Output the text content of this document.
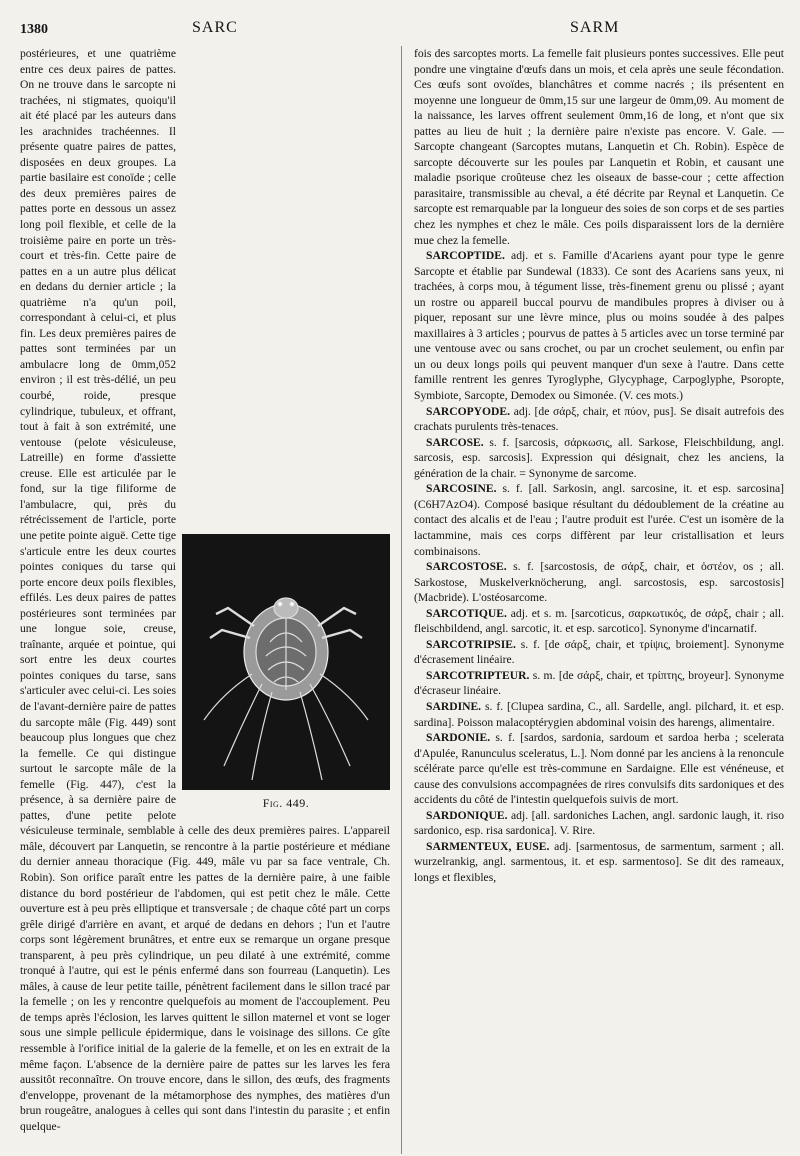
1380	SARC	SARM
Fig. 449.

postérieures, et une quatrième entre ces deux paires de pattes. On ne trouve dans le sarcopte ni trachées, ni stigmates, quoiqu'il ait été placé par les auteurs dans les arachnides trachéennes. Il présente quatre paires de pattes, disposées en deux groupes. La partie basilaire est conoïde ; celle des deux premières paires de pattes porte en dessous un assez long poil flexible, et celle de la troisième paire en porte un très-court et très-fin. Cette paire de pattes en a un autre plus délicat en dedans du dernier article ; la quatrième n'a qu'un poil, correspondant à celui-ci, et plus fin. Les deux premières paires de pattes sont terminées par un ambulacre long de 0mm,052 environ ; il est très-délié, un peu courbé, roide, presque cylindrique, tubuleux, et offrant, tout à fait à son extrémité, une ventouse (pelote vésiculeuse, Latreille) en forme d'assiette creuse. Elle est articulée par le fond, sur la tige filiforme de l'ambulacre, qui, près du rétrécissement de l'article, porte une petite pointe aiguë. Cette tige s'articule entre les deux courtes pointes coniques du tarse qui porte encore deux poils flexibles, effilés. Les deux paires de pattes postérieures sont terminées par une longue soie, creuse, traînante, arquée et pointue, qui sort entre les deux courtes pointes coniques du tarse, sans s'articuler avec celui-ci. Les soies de l'avant-dernière paire de pattes du sarcopte mâle (Fig. 449) sont beaucoup plus longues que chez la femelle. Ce qui distingue surtout le sarcopte mâle de la femelle (Fig. 447), c'est la présence, à sa dernière paire de pattes, d'une petite pelote vésiculeuse terminale, semblable à celle des deux premières paires. L'appareil mâle, découvert par Lanquetin, se rencontre à la partie postérieure et médiane du dernier anneau thoracique (Fig. 449, mâle vu par sa face ventrale, Ch. Robin). Son orifice paraît entre les pattes de la dernière paire, à une faible distance du bord postérieur de l'abdomen, qui est petit chez le mâle. Cette ouverture est à peu près elliptique et transversale ; de chaque côté part un corps grêle dirigé d'arrière en avant, et arqué de dedans en dehors ; l'un et l'autre corps sont légèrement brunâtres, et entre eux se remarque un organe presque transparent, à peu près cylindrique, un peu dilaté à une extrémité, comme tronqué à l'autre, qui est le pénis enfermé dans son fourreau (Lanquetin). Les mâles, à cause de leur petite taille, pénètrent facilement dans le sillon tracé par la femelle ; on les y rencontre quelquefois au moment de l'accouplement. Peu de temps après l'éclosion, les larves quittent le sillon maternel et vont se loger sous une simple pellicule épidermique, dans le voisinage des sillons. Ce gîte ressemble à l'orifice initial de la galerie de la femelle, et on les en extrait de la même façon. L'absence de la dernière paire de pattes sur les larves les fera aussitôt reconnaître. On trouve encore, dans le sillon, des œufs, des fragments d'enveloppe, provenant de la métamorphose des nymphes, des matières d'un brun rougeâtre, analogues à celles qui sont dans l'intestin du parasite ; et enfin quelque-

fois des sarcoptes morts. La femelle fait plusieurs pontes successives. Elle peut pondre une vingtaine d'œufs dans un mois, et cela après une seule fécondation. Ces œufs sont ovoïdes, blanchâtres et comme nacrés ; ils présentent en moyenne une longueur de 0mm,15 sur une largeur de 0mm,09. Au moment de la naissance, les larves offrent seulement 0mm,16 de long, et n'ont que six pattes au lieu de huit ; la dernière paire n'existe pas encore. V. Gale. — Sarcopte changeant (Sarcoptes mutans, Lanquetin et Ch. Robin). Espèce de sarcopte découverte sur les poules par Lanquetin et Robin, et causant une maladie psorique croûteuse chez les oiseaux de basse-cour ; cette affection parasitaire, transmissible au cheval, a été décrite par Reynal et Lanquetin. Ce sarcopte est remarquable par la longueur des soies de son corps et de ses parties chez les nymphes et chez le mâle. Ces poils disparaissent lors de la dernière mue chez la femelle.

SARCOPTIDE. adj. et s. Famille d'Acariens ayant pour type le genre Sarcopte et établie par Sundewal (1833). Ce sont des Acariens sans yeux, ni trachées, à corps mou, à tégument lisse, très-finement grenu ou plissé ; ayant un rostre ou appareil buccal pourvu de mandibules propres à diviser ou à piquer, reposant sur une lèvre mince, plus ou moins soudée à des palpes maxillaires à 3 articles ; pourvus de pattes à 5 articles avec un torse terminé par une ventouse avec ou sans crochet, ou par un crochet seulement, ou enfin par un ou deux longs poils qui peuvent manquer d'un sexe à l'autre. Dans cette famille rentrent les genres Tyroglyphe, Glycyphage, Carpoglyphe, Psoropte, Symbiote, Sarcopte, Demodex ou Simonée. (V. ces mots.)

SARCOPYODE. adj. [de σάρξ, chair, et πύον, pus]. Se disait autrefois des crachats purulents très-tenaces.

SARCOSE. s. f. [sarcosis, σάρκωσις, all. Sarkose, Fleischbildung, angl. sarcosis, esp. sarcosis]. Expression qui désignait, chez les anciens, la génération de la chair. = Synonyme de sarcome.

SARCOSINE. s. f. [all. Sarkosin, angl. sarcosine, it. et esp. sarcosina] (C6H7AzO4). Composé basique résultant du dédoublement de la créatine au contact des alcalis et de l'eau ; l'autre produit est l'urée. C'est un isomère de la lactammine, mais ces corps diffèrent par leur cristallisation et leurs combinaisons.

SARCOSTOSE. s. f. [sarcostosis, de σάρξ, chair, et ὀστέον, os ; all. Sarkostose, Muskelverknöcherung, angl. sarcostosis, esp. sarcostosis] (Macbride). L'ostéosarcome.

SARCOTIQUE. adj. et s. m. [sarcoticus, σαρκωτικός, de σάρξ, chair ; all. fleischbildend, angl. sarcotic, it. et esp. sarcotico]. Synonyme d'incarnatif.

SARCOTRIPSIE. s. f. [de σάρξ, chair, et τρίψις, broiement]. Synonyme d'écrasement linéaire.

SARCOTRIPTEUR. s. m. [de σάρξ, chair, et τρίπτης, broyeur]. Synonyme d'écraseur linéaire.

SARDINE. s. f. [Clupea sardina, C., all. Sardelle, angl. pilchard, it. et esp. sardina]. Poisson malacoptérygien abdominal voisin des harengs, alimentaire.

SARDONIE. s. f. [sardos, sardonia, sardoum et sardoa herba ; scelerata d'Apulée, Ranunculus sceleratus, L.]. Nom donné par les anciens à la renoncule scélérate parce qu'elle est très-commune en Sardaigne. Elle est vénéneuse, et cause des convulsions accompagnées de rires convulsifs dits sardoniques et des accidents du côté de l'intestin quelquefois suivis de mort.

SARDONIQUE. adj. [all. sardoniches Lachen, angl. sardonic laugh, it. riso sardonico, esp. risa sardonica]. V. Rire.

SARMENTEUX, EUSE. adj. [sarmentosus, de sarmentum, sarment ; all. wurzelrankig, angl. sarmentous, it. et esp. sarmentoso]. Se dit des rameaux, longs et flexibles,
